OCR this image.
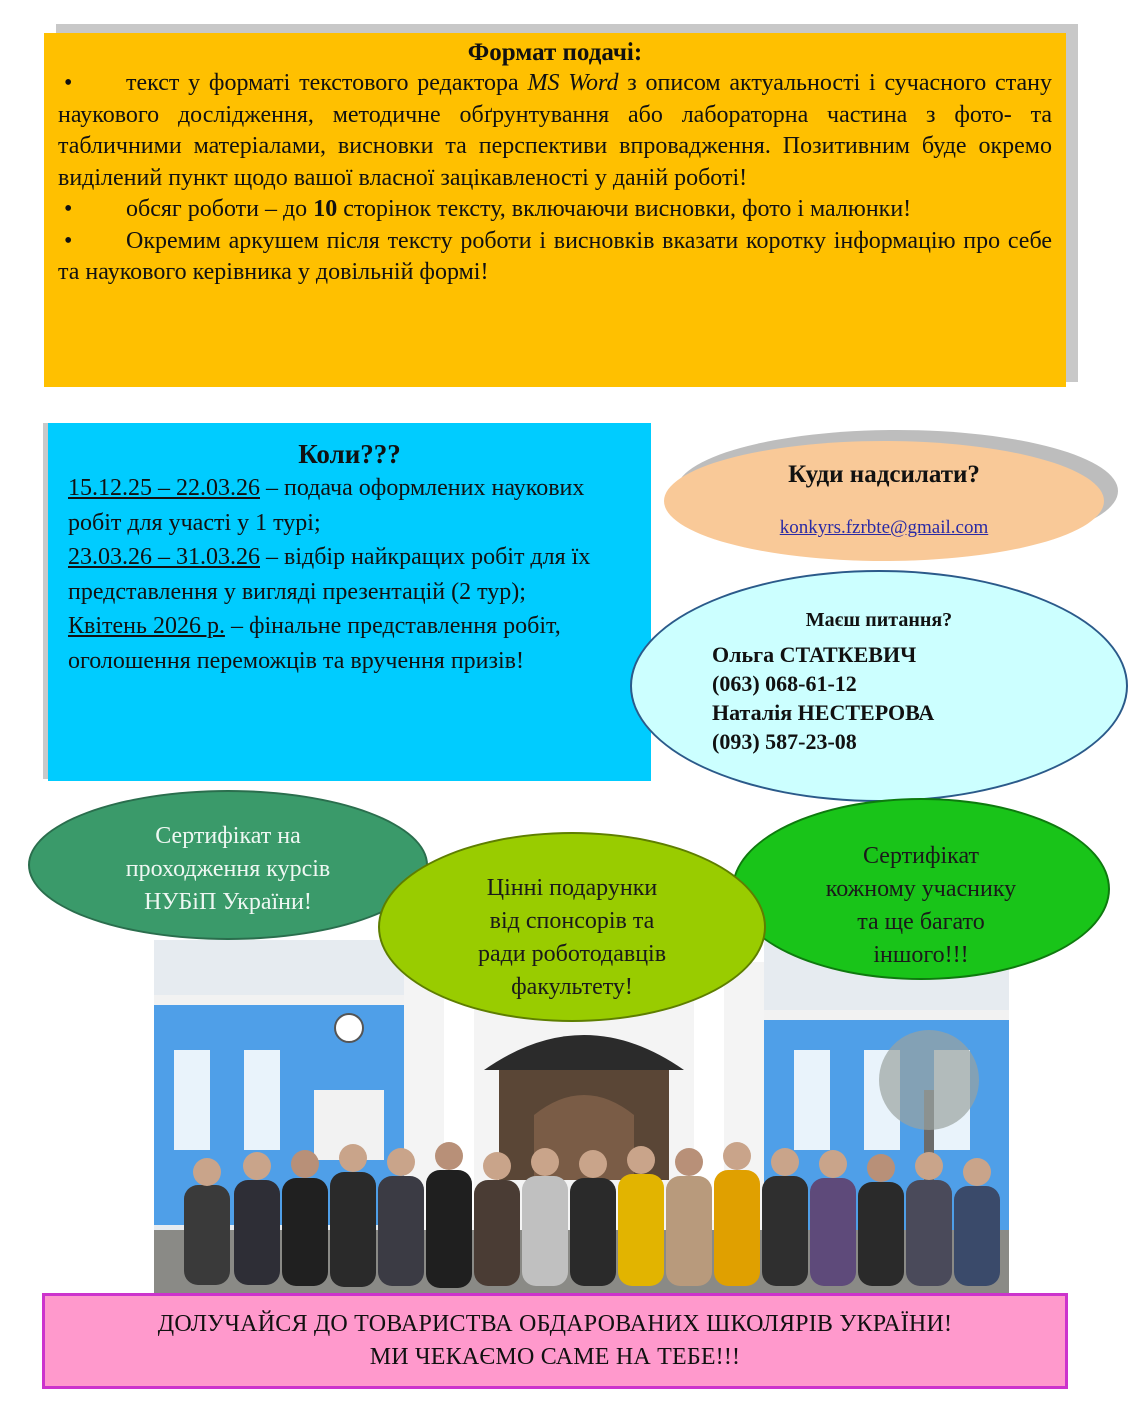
Формат подачі:

• текст у форматі текстового редактора MS Word з описом актуальності і сучасного стану наукового дослідження, методичне обґрунтування або лабораторна частина з фото- та табличними матеріалами, висновки та перспективи впровадження. Позитивним буде окремо виділений пункт щодо вашої власної зацікавленості у даній роботі!

• обсяг роботи – до 10 сторінок тексту, включаючи висновки, фото і малюнки!

• Окремим аркушем після тексту роботи і висновків вказати коротку інформацію про себе та наукового керівника у довільній формі!

Коли???

15.12.25 – 22.03.26 – подача оформлених наукових робіт для участі у 1 турі;

23.03.26 – 31.03.26 – відбір найкращих робіт для їх представлення у вигляді презентацій (2 тур);

Квітень 2026 р. – фінальне представлення робіт, оголошення переможців та вручення призів!

Куди надсилати?
konkyrs.fzrbte@gmail.com
Маєш питання?
Ольга СТАТКЕВИЧ
(063) 068-61-12
Наталія НЕСТЕРОВА
(093) 587-23-08
Сертифікат на
проходження курсів
НУБіП України!
Сертифікат
кожному учаснику
та ще багато
іншого!!!
Цінні подарунки
від спонсорів та
ради роботодавців
факультету!
ДОЛУЧАЙСЯ ДО ТОВАРИСТВА ОБДАРОВАНИХ ШКОЛЯРІВ УКРАЇНИ!
МИ ЧЕКАЄМО САМЕ НА ТЕБЕ!!!
